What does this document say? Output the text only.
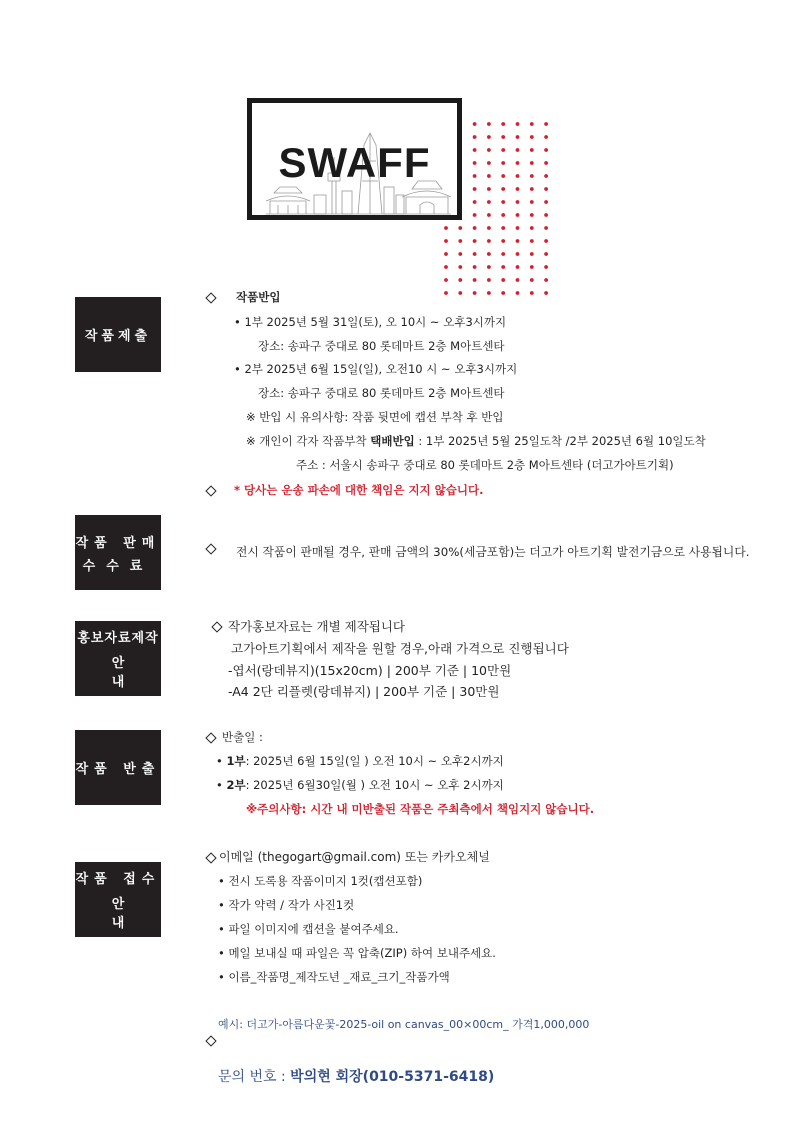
SWAFF
작품제출
작품반입
• 1부 2025년 5월 31일(토), 오 10시 ~ 오후3시까지
장소: 송파구 중대로 80 롯데마트 2층 M아트센타
• 2부 2025년 6월 15일(일), 오전10 시 ~ 오후3시까지
장소: 송파구 중대로 80 롯데마트 2층 M아트센타
※ 반입 시 유의사항: 작품 뒷면에 캡션 부착 후 반입
※ 개인이 각자 작품부착 택배반입 : 1부 2025년 5월 25일도착 /2부 2025년 6월 10일도착
주소 : 서울시 송파구 중대로 80 롯데마트 2층 M아트센타 (더고가아트기획)
* 당사는 운송 파손에 대한 책임은 지지 않습니다.
작품 판매
수수료
전시 작품이 판매될 경우, 판매 금액의 30%(세금포함)는 더고가 아트기획 발전기금으로 사용됩니다.
홍보자료제작
안내
작가홍보자료는 개별 제작됩니다
고가아트기획에서 제작을 원할 경우,아래 가격으로 진행됩니다
-엽서(랑데뷰지)(15x20cm) | 200부 기준 | 10만원
-A4 2단 리플렛(랑데뷰지) | 200부 기준 | 30만원
작품 반출
반출일 :
• 1부: 2025년 6월 15일(일 ) 오전 10시 ~ 오후2시까지
• 2부: 2025년 6월30일(월 ) 오전 10시 ~ 오후 2시까지
※주의사항: 시간 내 미반출된 작품은 주최측에서 책임지지 않습니다.
작품 접수
안내
이메일 (thegogart@gmail.com) 또는 카카오체널
• 전시 도록용 작품이미지 1컷(캡션포함)
• 작가 약력 / 작가 사진1컷
• 파일 이미지에 캡션을 붙여주세요.
• 메일 보내실 때 파일은 꼭 압축(ZIP) 하여 보내주세요.
• 이름_작품명_제작도년 _재료_크기_작품가액
예시: 더고가-아름다운꽃-2025-oil on canvas_00×00cm_ 가격1,000,000
문의 번호 : 박의현 회장(010-5371-6418)
